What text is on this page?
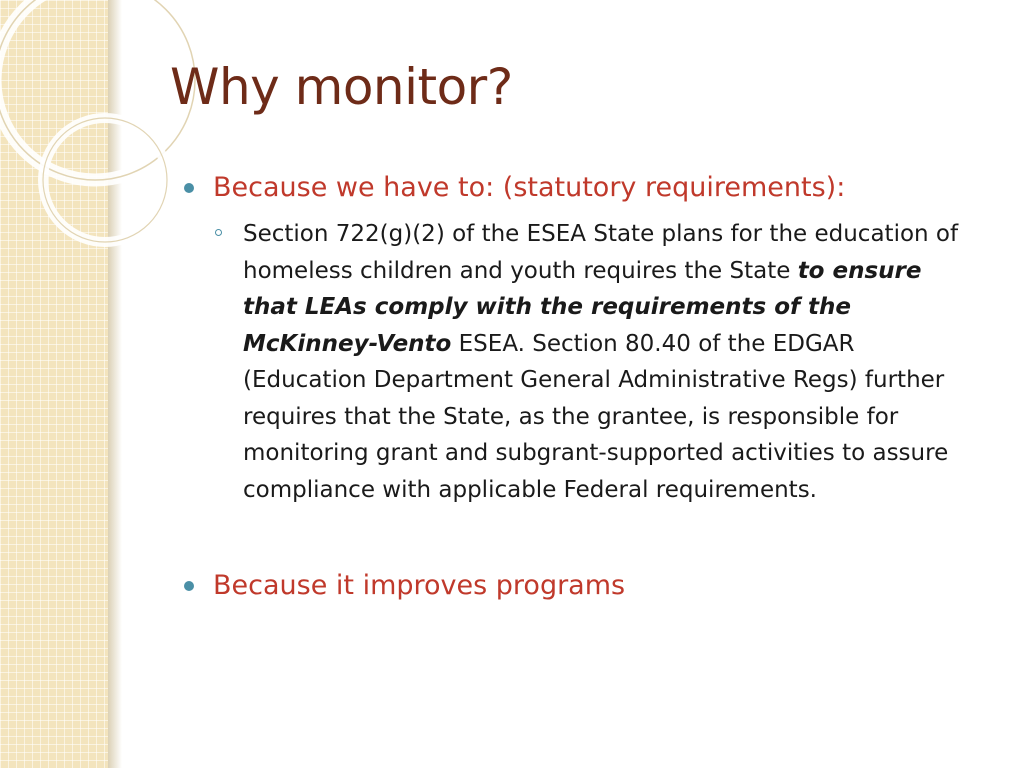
Why monitor?
Because we have to: (statutory requirements):
Section 722(g)(2) of the ESEA State plans for the education of homeless children and youth requires the State to ensure that LEAs comply with the requirements of the McKinney-Vento ESEA. Section 80.40 of the EDGAR (Education Department General Administrative Regs) further requires that the State, as the grantee, is responsible for monitoring grant and subgrant-supported activities to assure compliance with applicable Federal requirements.
Because it improves programs
